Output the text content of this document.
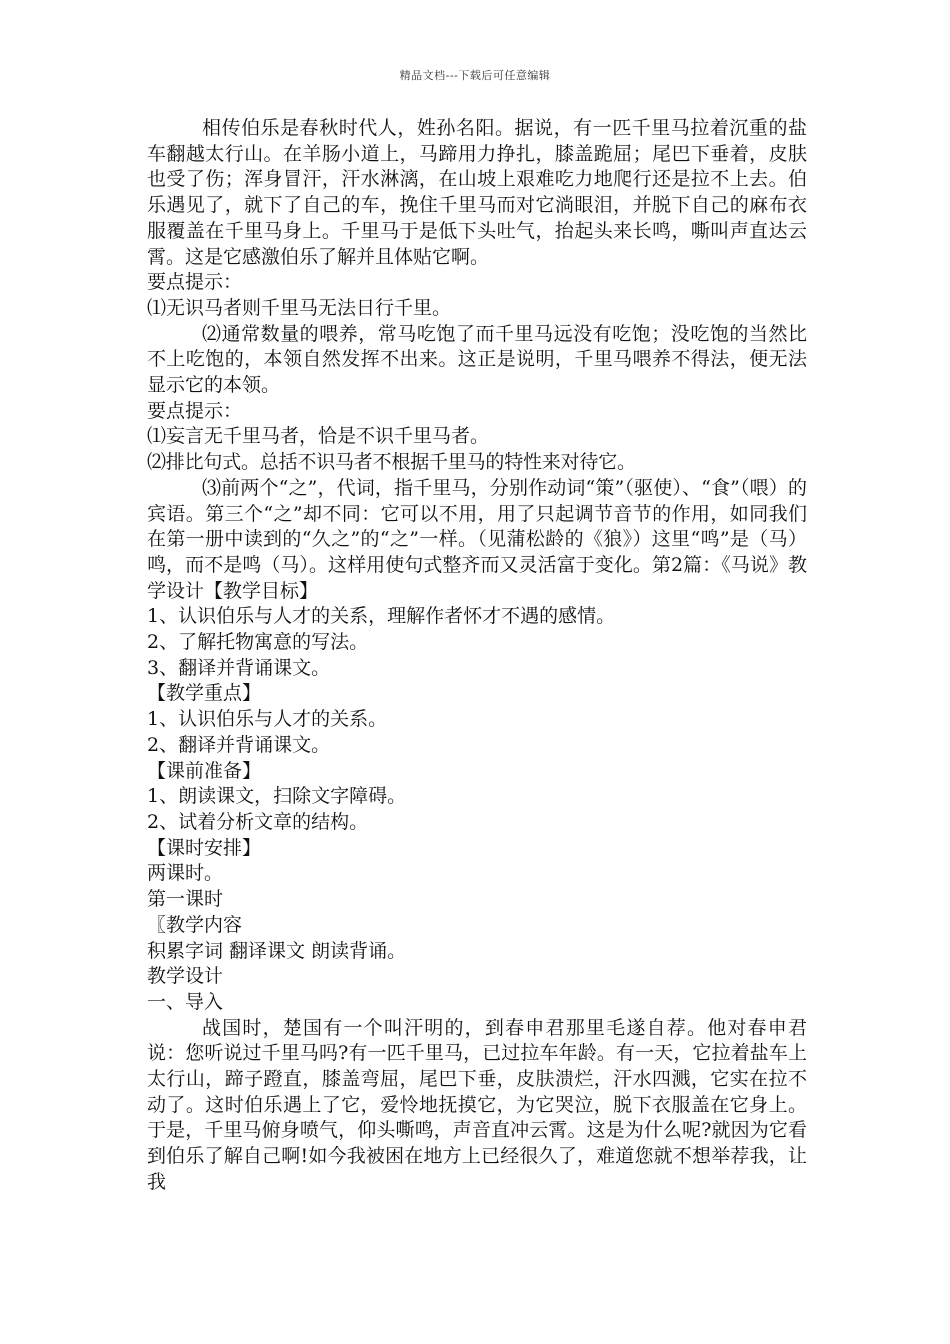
精品文档---下载后可任意编辑

相传伯乐是春秋时代人，姓孙名阳。据说，有一匹千里马拉着沉重的盐车翻越太行山。在羊肠小道上，马蹄用力挣扎，膝盖跪屈；尾巴下垂着，皮肤也受了伤；浑身冒汗，汗水淋漓，在山坡上艰难吃力地爬行还是拉不上去。伯乐遇见了，就下了自己的车，挽住千里马而对它淌眼泪，并脱下自己的麻布衣服覆盖在千里马身上。千里马于是低下头吐气，抬起头来长鸣，嘶叫声直达云霄。这是它感激伯乐了解并且体贴它啊。

要点提示：

⑴无识马者则千里马无法日行千里。

⑵通常数量的喂养，常马吃饱了而千里马远没有吃饱；没吃饱的当然比不上吃饱的，本领自然发挥不出来。这正是说明，千里马喂养不得法，便无法显示它的本领。

要点提示：

⑴妄言无千里马者，恰是不识千里马者。

⑵排比句式。总括不识马者不根据千里马的特性来对待它。

⑶前两个“之”，代词，指千里马，分别作动词“策”（驱使）、“食”（喂）的宾语。第三个“之”却不同：它可以不用，用了只起调节音节的作用，如同我们在第一册中读到的“久之”的“之”一样。（见蒲松龄的《狼》）这里“鸣”是（马）鸣，而不是鸣（马）。这样用使句式整齐而又灵活富于变化。第2篇：《马说》教学设计【教学目标】

1、认识伯乐与人才的关系，理解作者怀才不遇的感情。

2、了解托物寓意的写法。

3、翻译并背诵课文。

【教学重点】

1、认识伯乐与人才的关系。

2、翻译并背诵课文。

【课前准备】

1、朗读课文，扫除文字障碍。

2、试着分析文章的结构。

【课时安排】

两课时。

第一课时

〖教学内容

积累字词 翻译课文 朗读背诵。

教学设计

一、导入

战国时，楚国有一个叫汗明的，到春申君那里毛遂自荐。他对春申君说：您听说过千里马吗?有一匹千里马，已过拉车年龄。有一天，它拉着盐车上太行山，蹄子蹬直，膝盖弯屈，尾巴下垂，皮肤溃烂，汗水四溅，它实在拉不动了。这时伯乐遇上了它，爱怜地抚摸它，为它哭泣，脱下衣服盖在它身上。于是，千里马俯身喷气，仰头嘶鸣，声音直冲云霄。这是为什么呢?就因为它看到伯乐了解自己啊!如今我被困在地方上已经很久了，难道您就不想举荐我，让我
